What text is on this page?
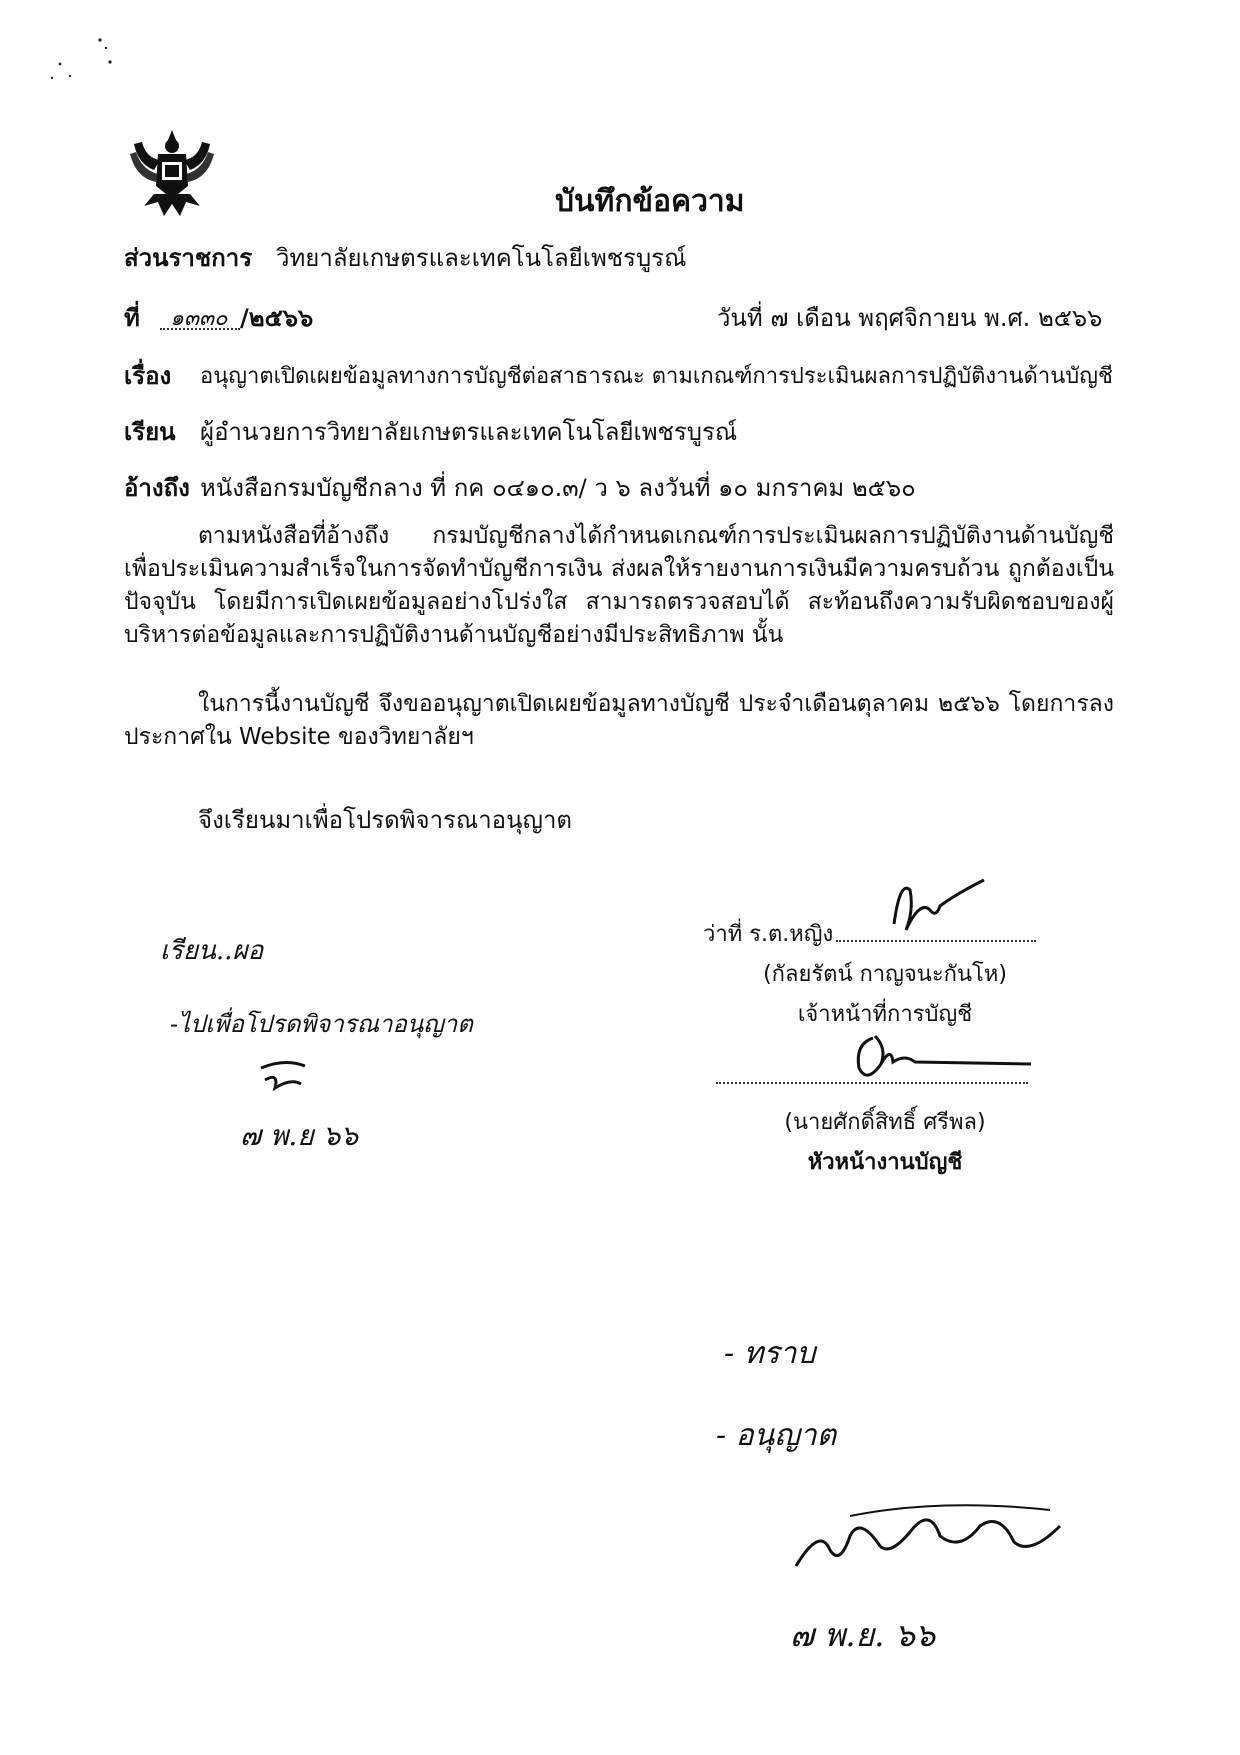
บันทึกข้อความ
ส่วนราชการ วิทยาลัยเกษตรและเทคโนโลยีเพชรบูรณ์
ที่	๑๓๓๐ /๒๕๖๖	วันที่ ๗ เดือน พฤศจิกายน พ.ศ. ๒๕๖๖
เรื่อง อนุญาตเปิดเผยข้อมูลทางการบัญชีต่อสาธารณะ ตามเกณฑ์การประเมินผลการปฏิบัติงานด้านบัญชี
เรียน ผู้อำนวยการวิทยาลัยเกษตรและเทคโนโลยีเพชรบูรณ์
อ้างถึง หนังสือกรมบัญชีกลาง ที่ กค ๐๔๑๐.๓/ ว ๖ ลงวันที่ ๑๐ มกราคม ๒๕๖๐
ตามหนังสือที่อ้างถึง กรมบัญชีกลางได้กำหนดเกณฑ์การประเมินผลการปฏิบัติงานด้านบัญชี เพื่อประเมินความสำเร็จในการจัดทำบัญชีการเงิน ส่งผลให้รายงานการเงินมีความครบถ้วน ถูกต้องเป็นปัจจุบัน โดยมีการเปิดเผยข้อมูลอย่างโปร่งใส สามารถตรวจสอบได้ สะท้อนถึงความรับผิดชอบของผู้บริหารต่อข้อมูลและการปฏิบัติงานด้านบัญชีอย่างมีประสิทธิภาพ นั้น
ในการนี้งานบัญชี จึงขออนุญาตเปิดเผยข้อมูลทางบัญชี ประจำเดือนตุลาคม ๒๕๖๖ โดยการลงประกาศใน Website ของวิทยาลัยฯ
จึงเรียนมาเพื่อโปรดพิจารณาอนุญาต
ว่าที่ ร.ต.หญิง
(กัลยรัตน์ กาญจนะกันโห)
เจ้าหน้าที่การบัญชี
(นายศักดิ์สิทธิ์ ศรีพล)
หัวหน้างานบัญชี
เรียน..ผอ
-ไปเพื่อโปรดพิจารณาอนุญาต
๗ พ.ย ๖๖
- ทราบ
- อนุญาต
๗ พ.ย. ๖๖
